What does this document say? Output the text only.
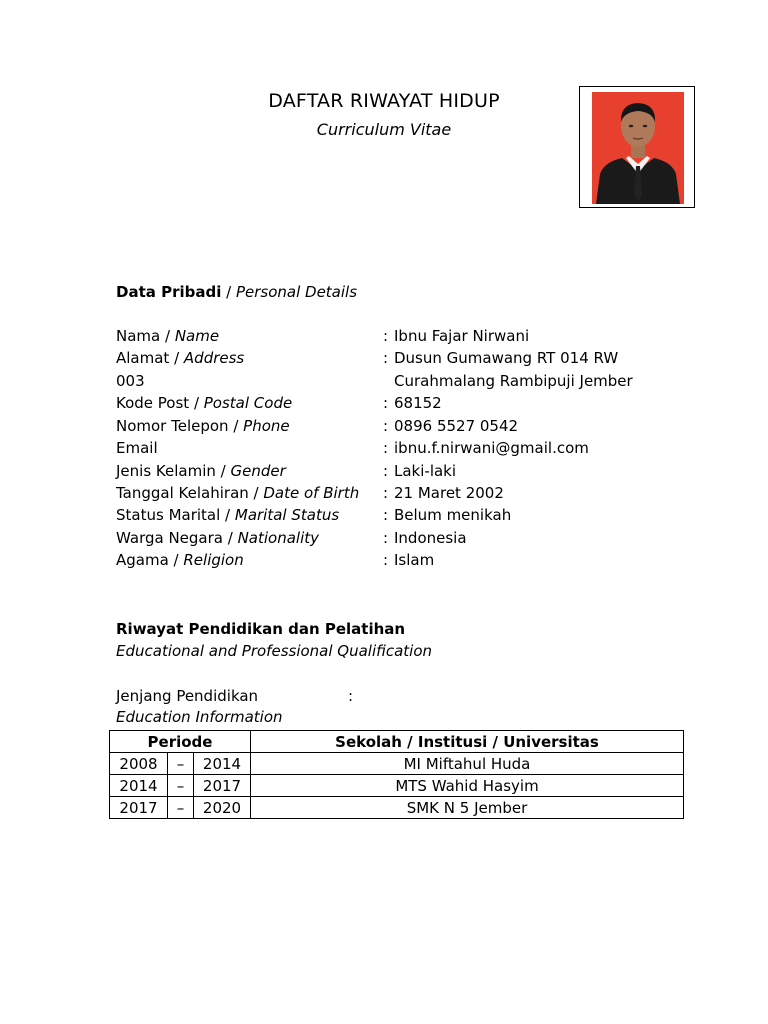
DAFTAR RIWAYAT HIDUP
Curriculum Vitae
Data Pribadi / Personal Details
Nama / Name	: Ibnu Fajar Nirwani
Alamat / Address	: Dusun Gumawang RT 014 RW
003	Curahmalang Rambipuji Jember
Kode Post / Postal Code	: 68152
Nomor Telepon / Phone	: 0896 5527 0542
Email	: ibnu.f.nirwani@gmail.com
Jenis Kelamin / Gender	: Laki-laki
Tanggal Kelahiran / Date of Birth : 21 Maret 2002
Status Marital / Marital Status	: Belum menikah
Warga Negara / Nationality	: Indonesia
Agama / Religion	: Islam
Riwayat Pendidikan dan Pelatihan
Educational and Professional Qualification
Jenjang Pendidikan	:
Education Information
Periode			Sekolah / Institusi / Universitas
2008	–	2014	MI Miftahul Huda
2014	–	2017	MTS Wahid Hasyim
2017	–	2020	SMK N 5 Jember
